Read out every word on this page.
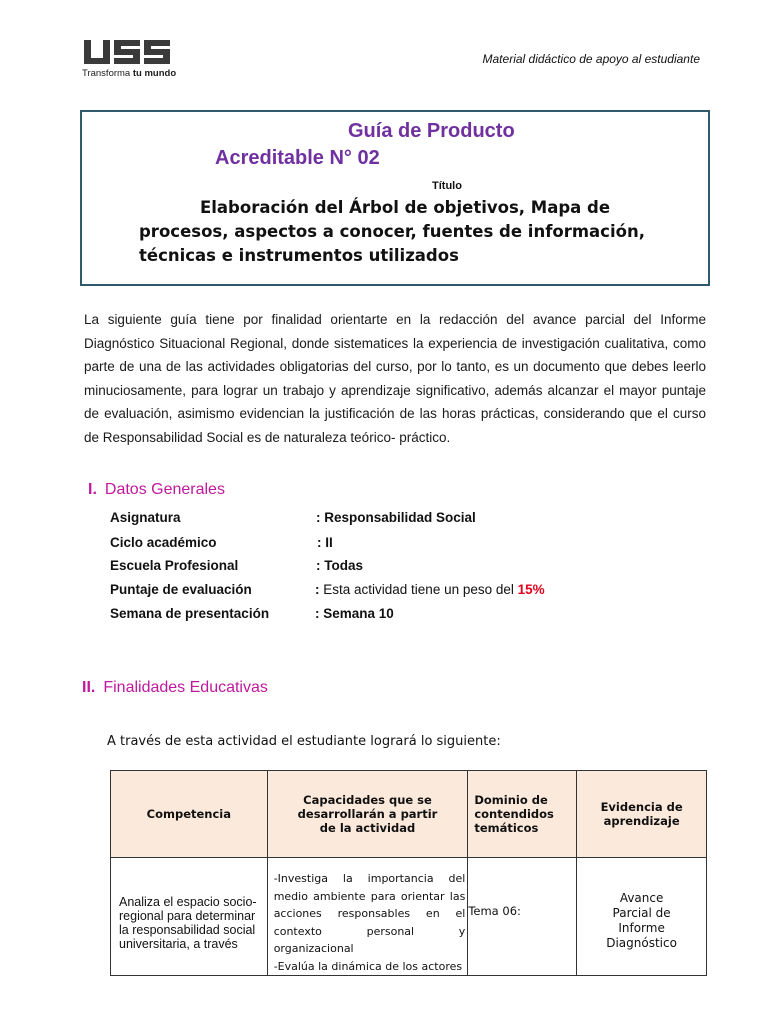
Transforma tu mundo
Material didáctico de apoyo al estudiante
Guía de Producto
Acreditable N° 02
Título
Elaboración del Árbol de objetivos, Mapa de
procesos, aspectos a conocer, fuentes de información,
técnicas e instrumentos utilizados

La siguiente guía tiene por finalidad orientarte en la redacción del avance parcial del Informe Diagnóstico Situacional Regional, donde sistematices la experiencia de investigación cualitativa, como parte de una de las actividades obligatorias del curso, por lo tanto, es un documento que debes leerlo minuciosamente, para lograr un trabajo y aprendizaje significativo, además alcanzar el mayor puntaje de evaluación, asimismo evidencian la justificación de las horas prácticas, considerando que el curso de Responsabilidad Social es de naturaleza teórico- práctico.

I. Datos Generales
Asignatura	: Responsabilidad Social
Ciclo académico	: II
Escuela Profesional	: Todas
Puntaje de evaluación	: Esta actividad tiene un peso del 15%
Semana de presentación	: Semana 10
II. Finalidades Educativas
A través de esta actividad el estudiante logrará lo siguiente:
Competencia	Capacidades que se desarrollarán a partir de la actividad	Dominio de contendidos temáticos	Evidencia de aprendizaje

Analiza el espacio socio-regional para determinar la responsabilidad social universitaria, a través	-Investiga la importancia del medio ambiente para orientar las acciones responsables en el contexto personal y organizacional
-Evalúa la dinámica de los actores	Tema 06:	Avance Parcial de Informe Diagnóstico
